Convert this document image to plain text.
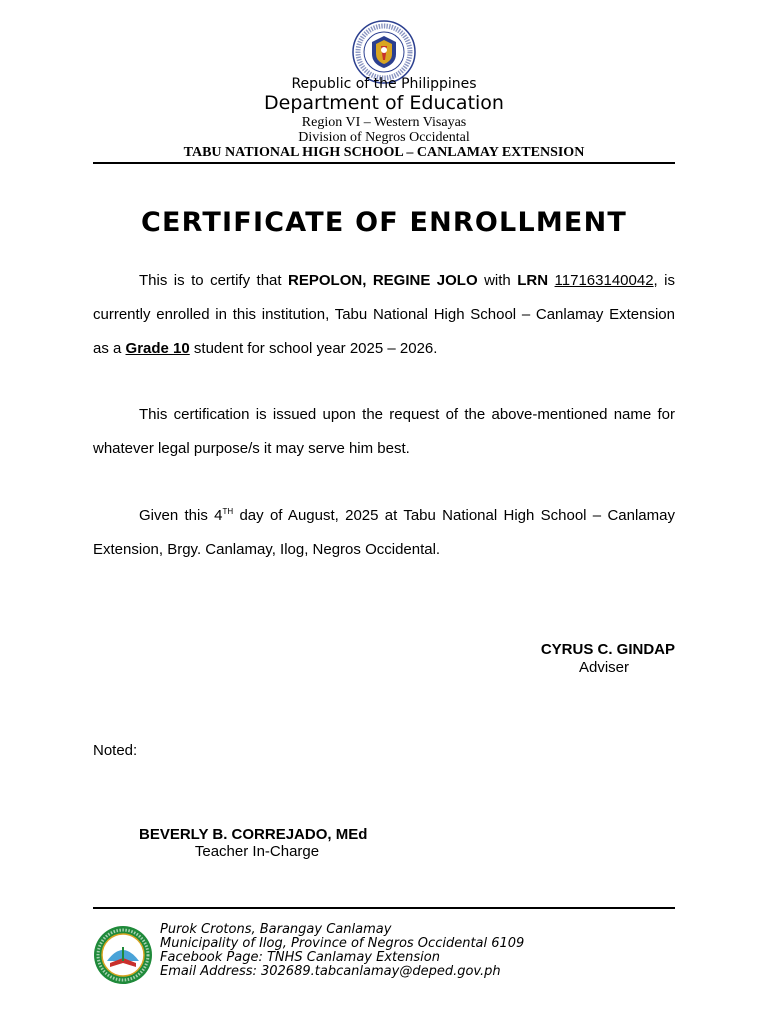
Republic of the Philippines
Department of Education
Region VI – Western Visayas
Division of Negros Occidental
TABU NATIONAL HIGH SCHOOL – CANLAMAY EXTENSION
CERTIFICATE OF ENROLLMENT
This is to certify that REPOLON, REGINE JOLO with LRN 117163140042, is currently enrolled in this institution, Tabu National High School – Canlamay Extension as a Grade 10 student for school year 2025 – 2026.
This certification is issued upon the request of the above-mentioned name for whatever legal purpose/s it may serve him best.
Given this 4TH day of August, 2025 at Tabu National High School – Canlamay Extension, Brgy. Canlamay, Ilog, Negros Occidental.
CYRUS C. GINDAP
Adviser
Noted:
BEVERLY B. CORREJADO, MEd
Teacher In-Charge
Purok Crotons, Barangay Canlamay
Municipality of Ilog, Province of Negros Occidental 6109
Facebook Page: TNHS Canlamay Extension
Email Address: 302689.tabcanlamay@deped.gov.ph
